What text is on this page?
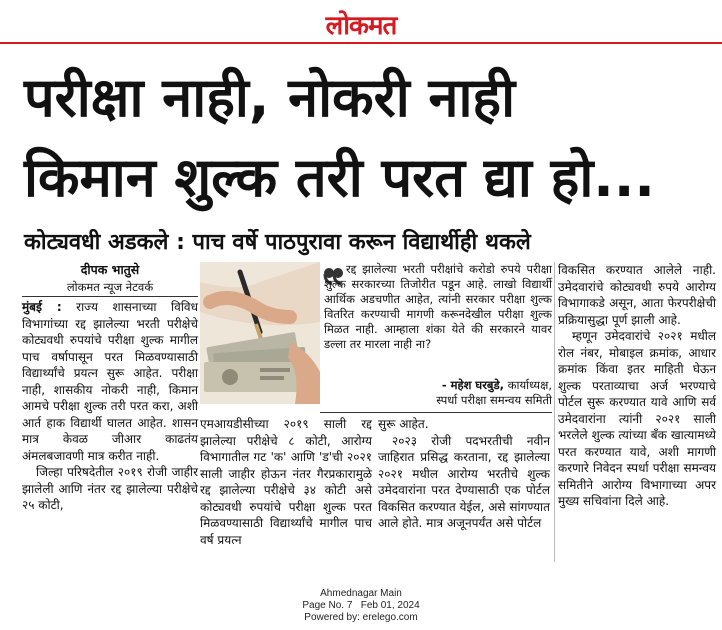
लोकमत
परीक्षा नाही, नोकरी नाही
किमान शुल्क तरी परत द्या हो...
कोट्यवधी अडकले : पाच वर्षे पाठपुरावा करून विद्यार्थीही थकले
दीपक भातुसे
लोकमत न्यूज नेटवर्क

मुंबई : राज्य शासनाच्या विविध विभागांच्या रद्द झालेल्या भरती परीक्षेचे कोट्यवधी रुपयांचे परीक्षा शुल्क मागील पाच वर्षापासून परत मिळवण्यासाठी विद्यार्थ्यांचे प्रयत्न सुरू आहेत. परीक्षा नाही, शासकीय नोकरी नाही, किमान आमचे परीक्षा शुल्क तरी परत करा, अशी आर्त हाक विद्यार्थी घालत आहेत. शासन मात्र केवळ जीआर काढतंय अंमलबजावणी मात्र करीत नाही.

जिल्हा परिषदेतील २०१९ रोजी जाहीर झालेली आणि नंतर रद्द झालेल्या परीक्षेचे २५ कोटी,

रद्द झालेल्या भरती परीक्षांचे करोडो रुपये परीक्षा शुल्क सरकारच्या तिजोरीत पडून आहे. लाखो विद्यार्थी आर्थिक अडचणीत आहेत, त्यांनी सरकार परीक्षा शुल्क वितरित करण्याची मागणी करूनदेखील परीक्षा शुल्क मिळत नाही. आम्हाला शंका येते की सरकारने यावर डल्ला तर मारला नाही ना?
- महेश घरबुडे, कार्याध्यक्ष,
स्पर्धा परीक्षा समन्वय समिती

एमआयडीसीच्या २०१९ साली रद्द झालेल्या परीक्षेचे ८ कोटी, आरोग्य विभागातील गट 'क' आणि 'ड'ची २०२१ साली जाहीर होऊन नंतर गैरप्रकारामुळे रद्द झालेल्या परीक्षेचे ३४ कोटी असे कोट्यवधी रुपयांचे परीक्षा शुल्क परत मिळवण्यासाठी विद्यार्थ्यांचे मागील पाच वर्ष प्रयत्न

सुरू आहेत.

२०२३ रोजी पदभरतीची नवीन जाहिरात प्रसिद्ध करताना, रद्द झालेल्या २०२१ मधील आरोग्य भरतीचे शुल्क उमेदवारांना परत देण्यासाठी एक पोर्टल विकसित करण्यात येईल, असे सांगण्यात आले होते. मात्र अजूनपर्यंत असे पोर्टल

विकसित करण्यात आलेले नाही. उमेदवारांचे कोट्यवधी रुपये आरोग्य विभागाकडे असून, आता फेरपरीक्षेची प्रक्रियासुद्धा पूर्ण झाली आहे.

म्हणून उमेदवारांचे २०२१ मधील रोल नंबर, मोबाइल क्रमांक, आधार क्रमांक किंवा इतर माहिती घेऊन शुल्क परताव्याचा अर्ज भरण्याचे पोर्टल सुरू करण्यात यावे आणि सर्व उमेदवारांना त्यांनी २०२१ साली भरलेले शुल्क त्यांच्या बँक खात्यामध्ये परत करण्यात यावे, अशी मागणी करणारे निवेदन स्पर्धा परीक्षा समन्वय समितीने आरोग्य विभागाच्या अपर मुख्य सचिवांना दिले आहे.

Ahmednagar Main
Page No. 7   Feb 01, 2024
Powered by: erelego.com
